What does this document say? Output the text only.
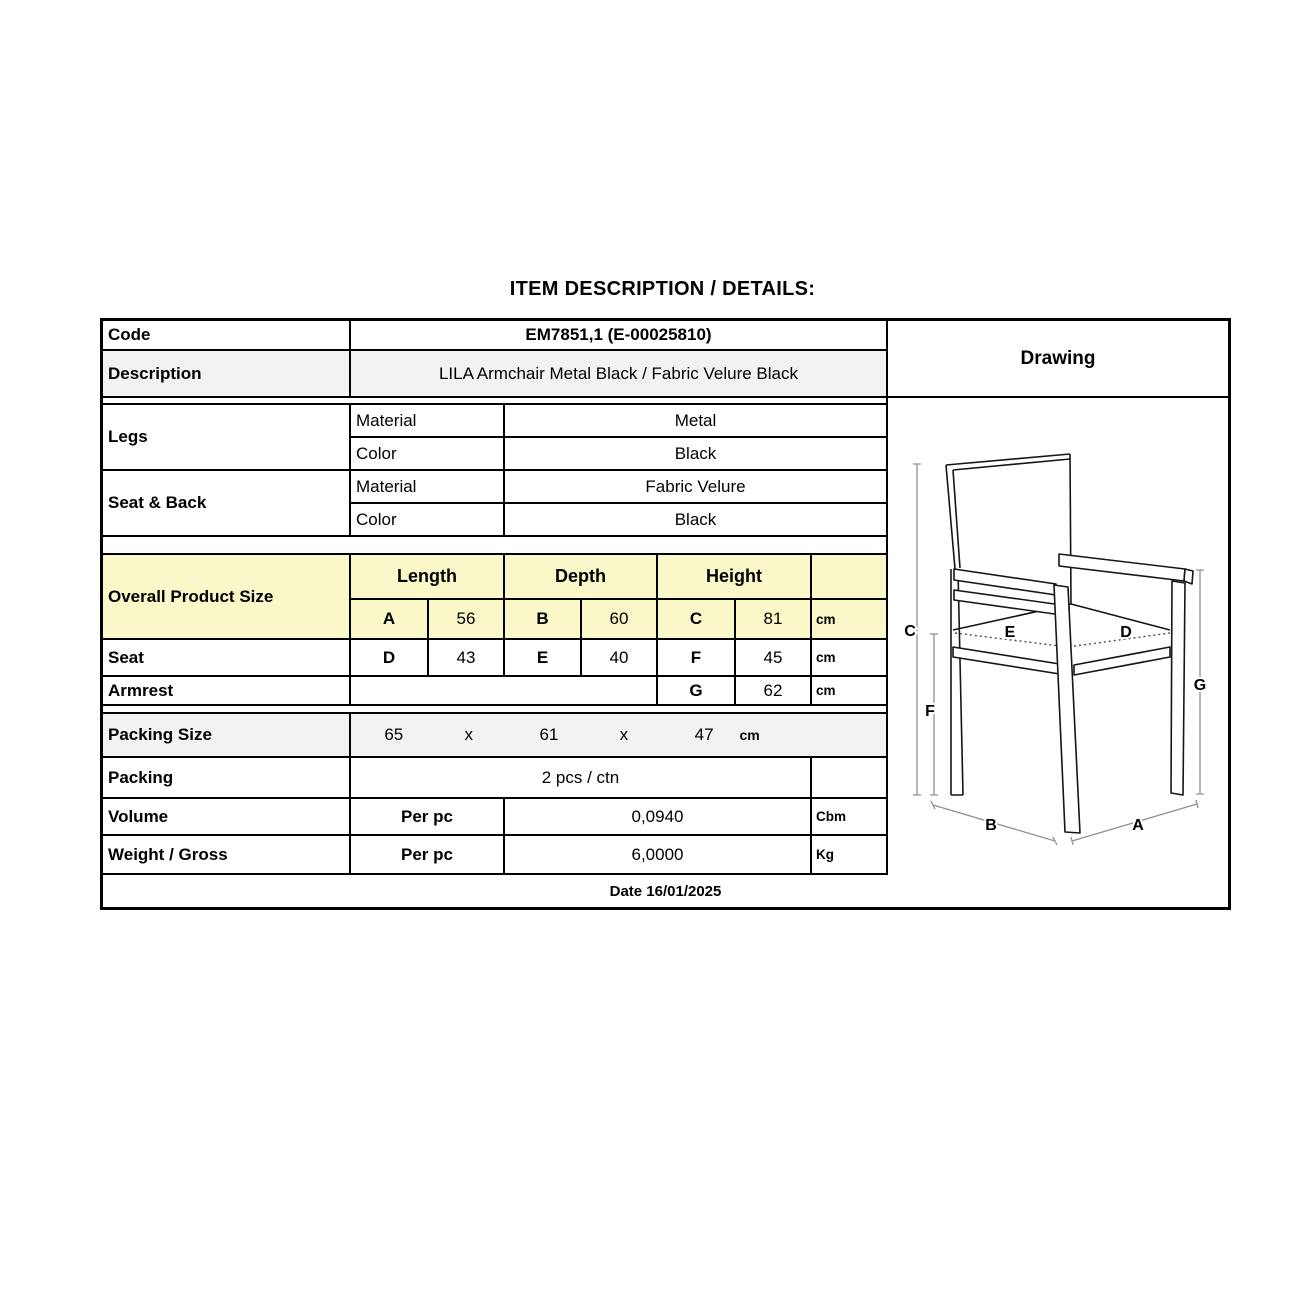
ITEM DESCRIPTION / DETAILS:
Code	EM7851,1 (E-00025810)
Description	LILA Armchair Metal Black / Fabric Velure Black
Legs
Material	Metal
Color	Black
Seat & Back
Material	Fabric Velure
Color	Black
Overall Product Size
Length	Depth	Height
A	56	B	60	C	81	cm
Seat	D	43	E	40	F	45	cm
Armrest	G	62	cm
Packing Size	65	x	61	x	47 cm
Packing	2 pcs / ctn
Volume	Per pc	0,0940	Cbm
Weight / Gross	Per pc	6,0000	Kg
Drawing
C
F
G
B	A
E	D
Date 16/01/2025
